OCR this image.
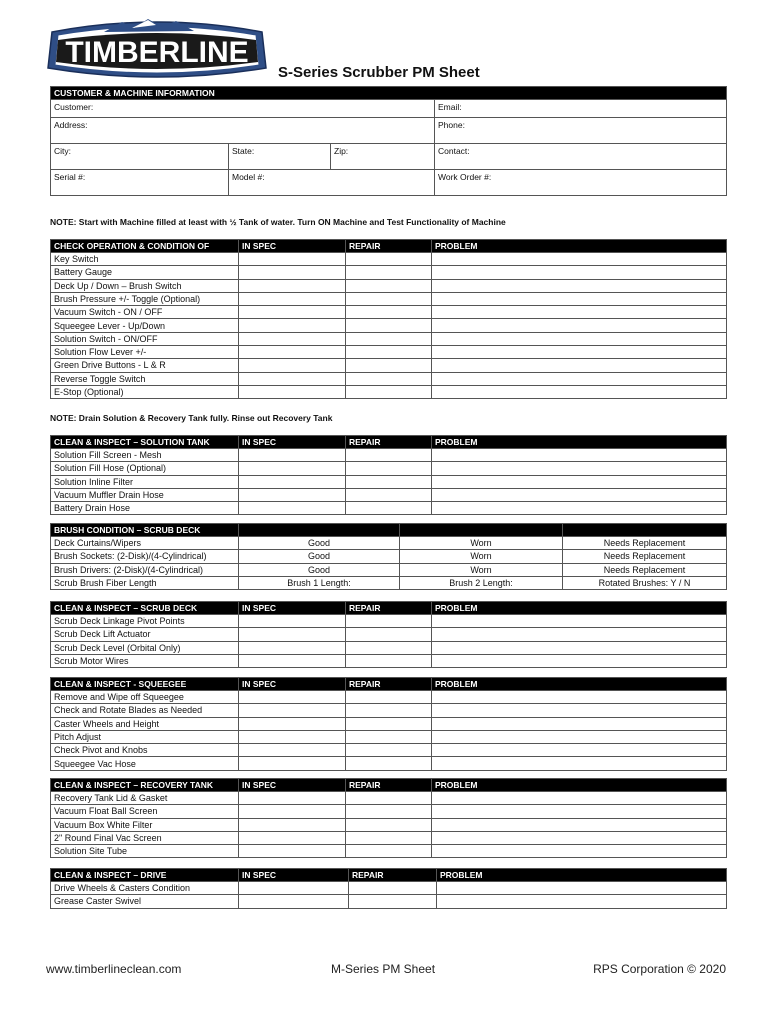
TIMBERLINE
S-Series Scrubber PM Sheet
CUSTOMER & MACHINE INFORMATION			
Customer:			Email:
Address:			Phone:
City:	State:	Zip:	Contact:
Serial #:	Model #:		Work Order #:
NOTE: Start with Machine filled at least with ½ Tank of water. Turn ON Machine and Test Functionality of Machine
CHECK OPERATION & CONDITION OF	IN SPEC	REPAIR	PROBLEM
Key Switch			
Battery Gauge			
Deck Up / Down – Brush Switch			
Brush Pressure +/- Toggle (Optional)			
Vacuum Switch - ON / OFF			
Squeegee Lever - Up/Down			
Solution Switch - ON/OFF			
Solution Flow Lever +/-			
Green Drive Buttons - L & R			
Reverse Toggle Switch			
E-Stop (Optional)			
NOTE: Drain Solution & Recovery Tank fully. Rinse out Recovery Tank
CLEAN & INSPECT – SOLUTION TANK	IN SPEC	REPAIR	PROBLEM
Solution Fill Screen - Mesh			
Solution Fill Hose (Optional)			
Solution Inline Filter			
Vacuum Muffler Drain Hose			
Battery Drain Hose			
BRUSH CONDITION – SCRUB DECK			
Deck Curtains/Wipers	Good	Worn	Needs Replacement
Brush Sockets: (2-Disk)/(4-Cylindrical)	Good	Worn	Needs Replacement
Brush Drivers: (2-Disk)/(4-Cylindrical)	Good	Worn	Needs Replacement
Scrub Brush Fiber Length	Brush 1 Length:	Brush 2 Length:	Rotated Brushes: Y / N
CLEAN & INSPECT – SCRUB DECK	IN SPEC	REPAIR	PROBLEM
Scrub Deck Linkage Pivot Points			
Scrub Deck Lift Actuator			
Scrub Deck Level (Orbital Only)			
Scrub Motor Wires			
CLEAN & INSPECT - SQUEEGEE	IN SPEC	REPAIR	PROBLEM
Remove and Wipe off Squeegee			
Check and Rotate Blades as Needed			
Caster Wheels and Height			
Pitch Adjust			
Check Pivot and Knobs			
Squeegee Vac Hose			
CLEAN & INSPECT – RECOVERY TANK	IN SPEC	REPAIR	PROBLEM
Recovery Tank Lid & Gasket			
Vacuum Float Ball Screen			
Vacuum Box White Filter			
2" Round Final Vac Screen			
Solution Site Tube			
CLEAN & INSPECT – DRIVE	IN SPEC	REPAIR	PROBLEM
Drive Wheels & Casters Condition			
Grease Caster Swivel			
www.timberlineclean.com	M-Series PM Sheet	RPS Corporation © 2020
